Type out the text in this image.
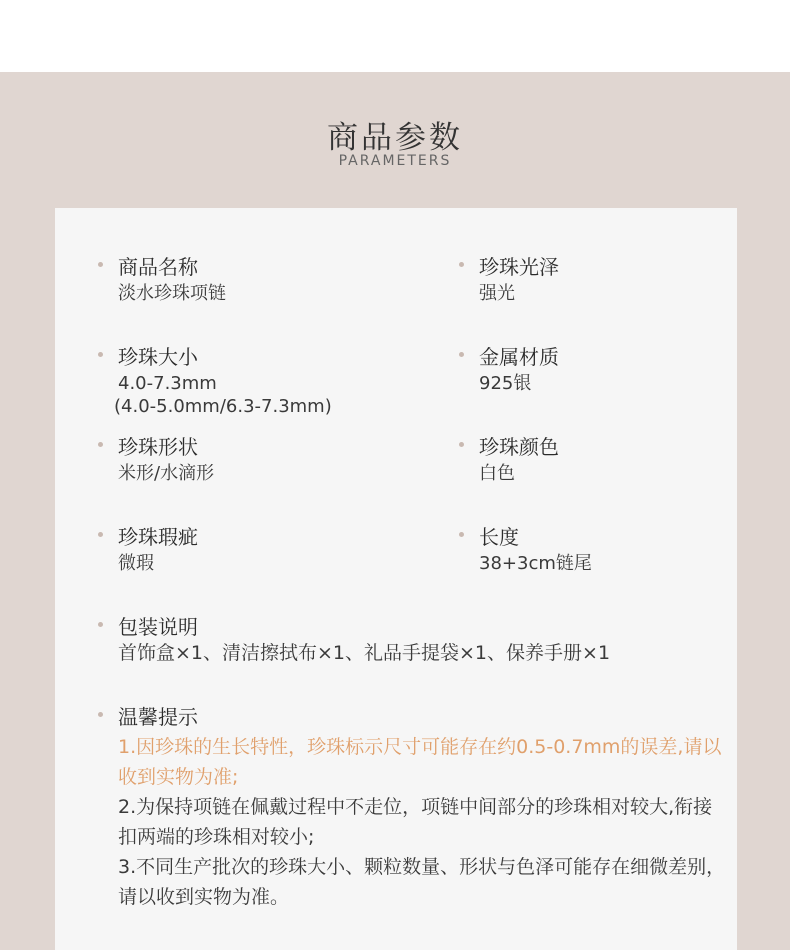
商品参数
PARAMETERS
商品名称
淡水珍珠项链
珍珠大小
4.0-7.3mm
(4.0-5.0mm/6.3-7.3mm)
珍珠形状
米形/水滴形
珍珠瑕疵
微瑕
珍珠光泽
强光
金属材质
925银
珍珠颜色
白色
长度
38+3cm链尾
包装说明
首饰盒×1、清洁擦拭布×1、礼品手提袋×1、保养手册×1
温馨提示
1.因珍珠的生长特性，珍珠标示尺寸可能存在约0.5-0.7mm的误差,请以收到实物为准;
2.为保持项链在佩戴过程中不走位，项链中间部分的珍珠相对较大,衔接扣两端的珍珠相对较小;
3.不同生产批次的珍珠大小、颗粒数量、形状与色泽可能存在细微差别，请以收到实物为准。
